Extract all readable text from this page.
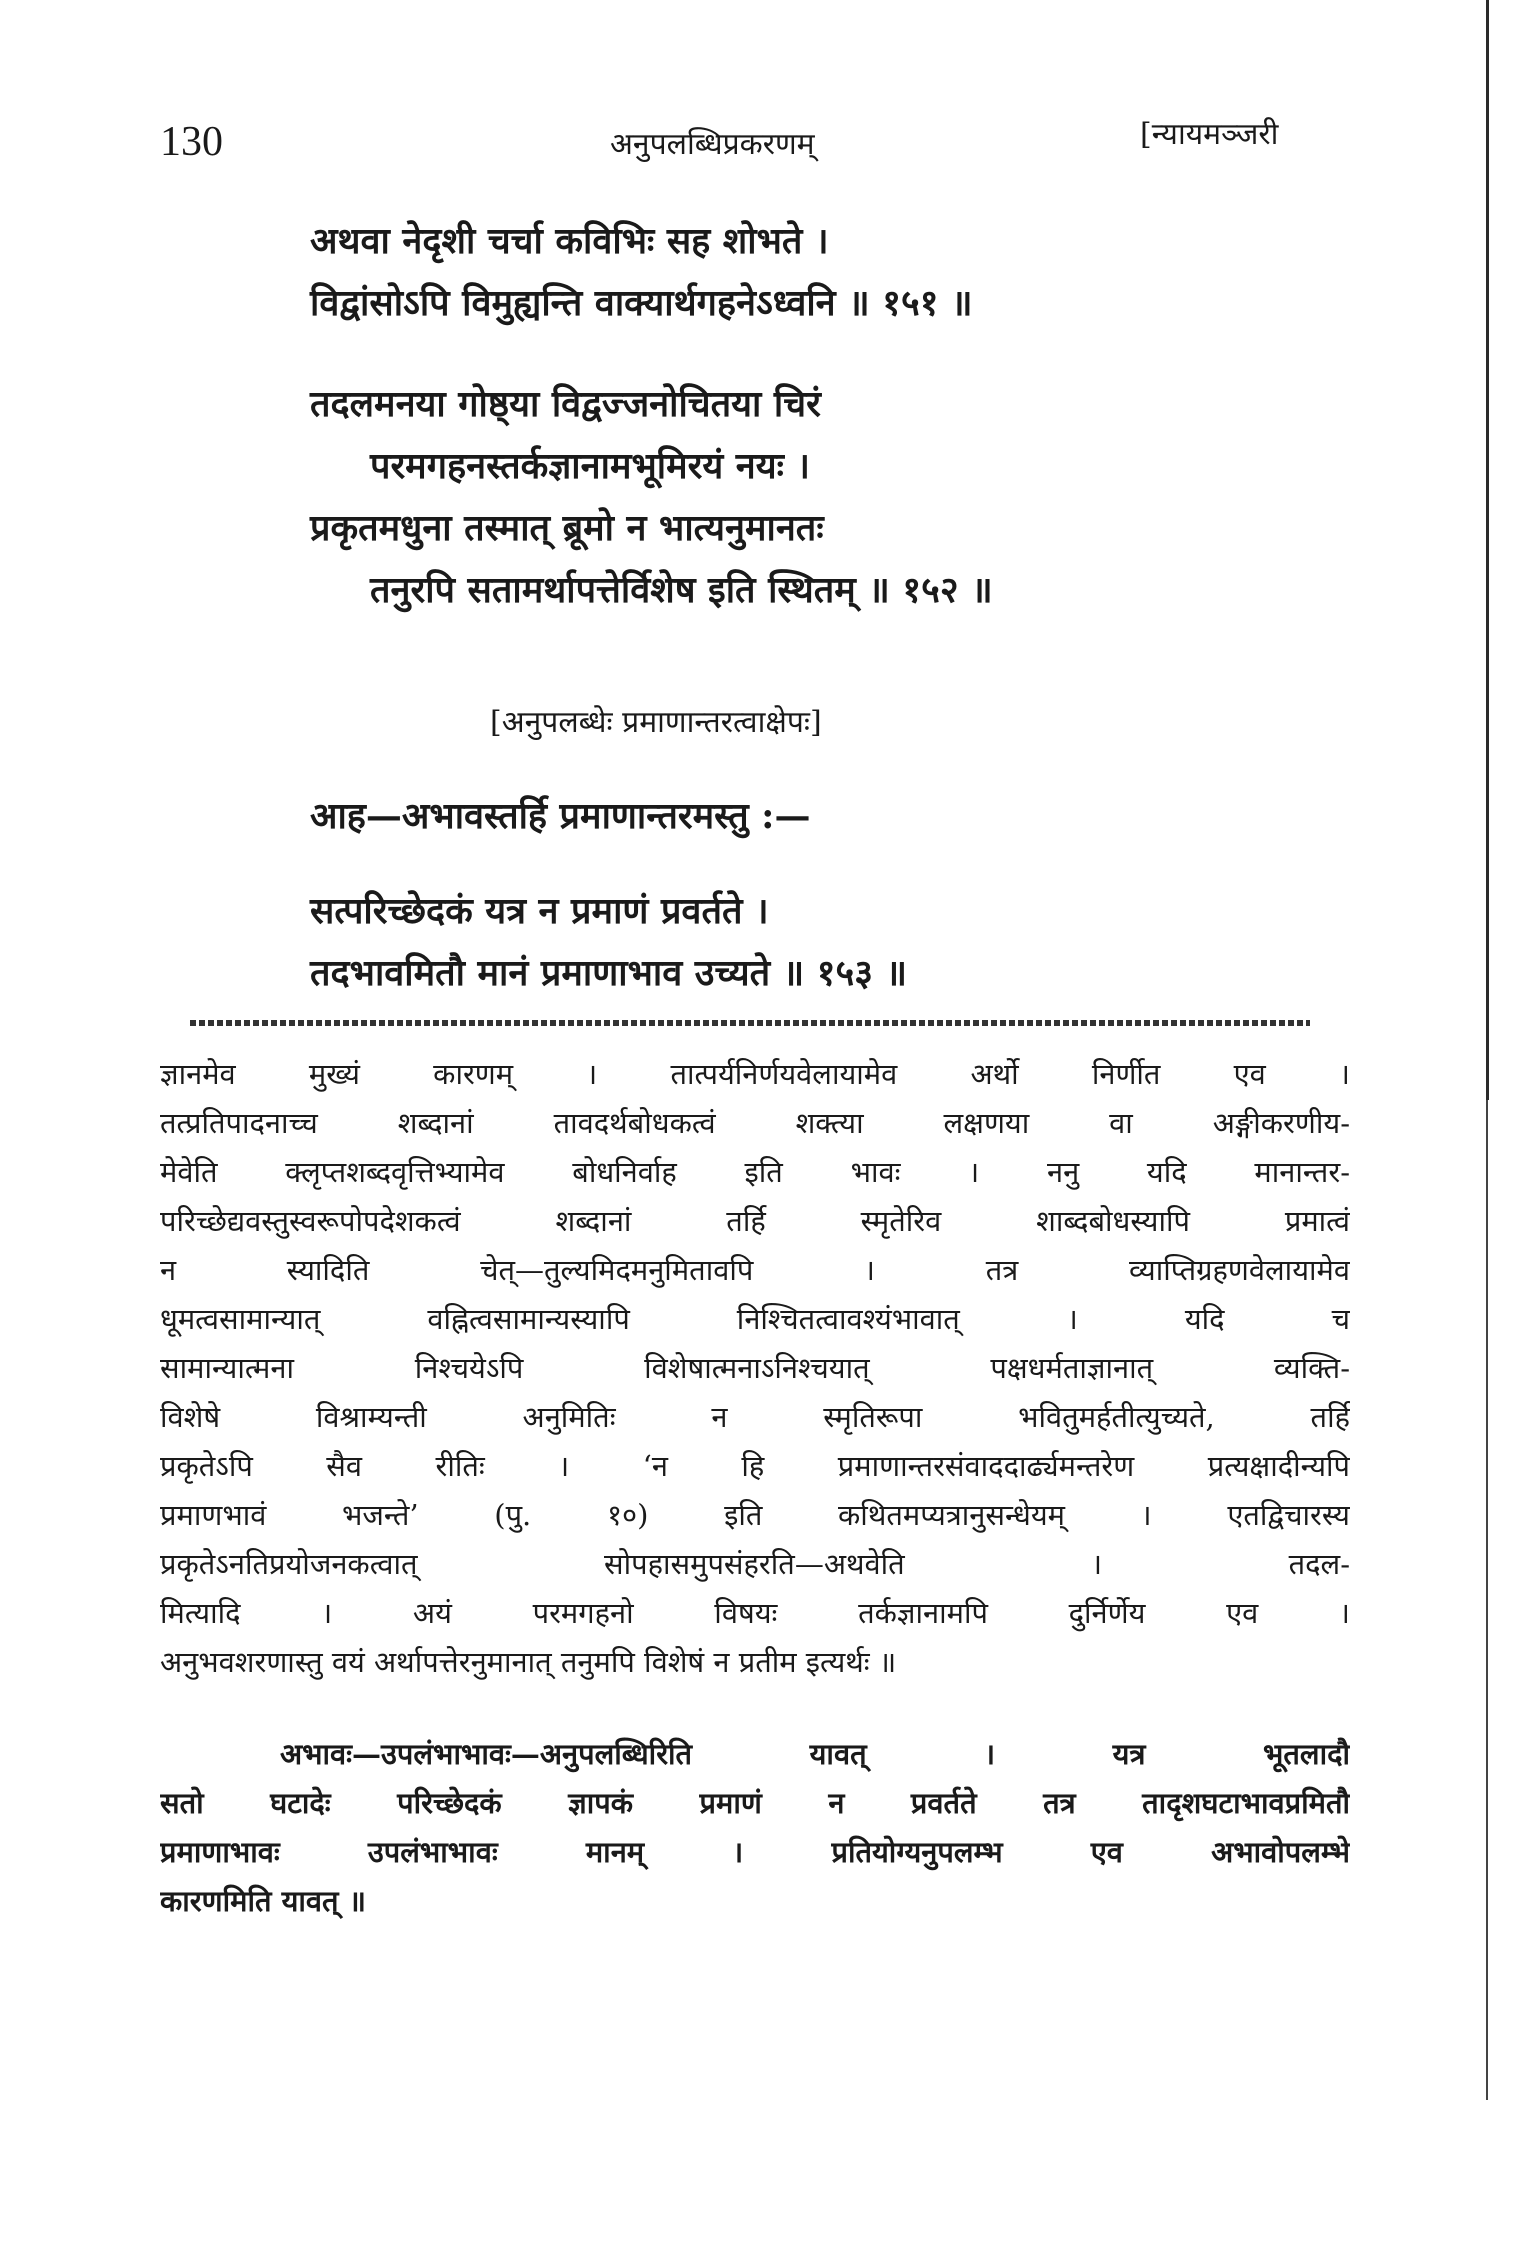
130	अनुपलब्धिप्रकरणम्	[न्यायमञ्जरी
अथवा नेदृशी चर्चा कविभिः सह शोभते ।
विद्वांसोऽपि विमुह्यन्ति वाक्यार्थगहनेऽध्वनि ॥ १५१ ॥
तदलमनया गोष्ठ्या विद्वज्जनोचितया चिरं
परमगहनस्तर्कज्ञानामभूमिरयं नयः ।
प्रकृतमधुना तस्मात् ब्रूमो न भात्यनुमानतः
तनुरपि सतामर्थापत्तेर्विशेष इति स्थितम् ॥ १५२ ॥
[अनुपलब्धेः प्रमाणान्तरत्वाक्षेपः]
आह—अभावस्तर्हि प्रमाणान्तरमस्तु :—
सत्परिच्छेदकं यत्र न प्रमाणं प्रवर्तते ।
तदभावमितौ मानं प्रमाणाभाव उच्यते ॥ १५३ ॥
ज्ञानमेव मुख्यं कारणम् । तात्पर्यनिर्णयवेलायामेव अर्थो निर्णीत एव ।
तत्प्रतिपादनाच्च शब्दानां तावदर्थबोधकत्वं शक्त्या लक्षणया वा अङ्गीकरणीय-
मेवेति क्लृप्तशब्दवृत्तिभ्यामेव बोधनिर्वाह इति भावः । ननु यदि मानान्तर-
परिच्छेद्यवस्तुस्वरूपोपदेशकत्वं शब्दानां तर्हि स्मृतेरिव शाब्दबोधस्यापि प्रमात्वं
न स्यादिति चेत्—तुल्यमिदमनुमितावपि । तत्र व्याप्तिग्रहणवेलायामेव
धूमत्वसामान्यात् वह्नित्वसामान्यस्यापि निश्चितत्वावश्यंभावात् । यदि च
सामान्यात्मना निश्चयेऽपि विशेषात्मनाऽनिश्चयात् पक्षधर्मताज्ञानात् व्यक्ति-
विशेषे विश्राम्यन्ती अनुमितिः न स्मृतिरूपा भवितुमर्हतीत्युच्यते, तर्हि
प्रकृतेऽपि सैव रीतिः । ‘न हि प्रमाणान्तरसंवाददार्ढ्यमन्तरेण प्रत्यक्षादीन्यपि
प्रमाणभावं भजन्ते’ (पु. १०) इति कथितमप्यत्रानुसन्धेयम् । एतद्विचारस्य
प्रकृतेऽनतिप्रयोजनकत्वात् सोपहासमुपसंहरति—अथवेति । तदल-
मित्यादि । अयं परमगहनो विषयः तर्कज्ञानामपि दुर्निर्णेय एव ।
अनुभवशरणास्तु वयं अर्थापत्तेरनुमानात् तनुमपि विशेषं न प्रतीम इत्यर्थः ॥
अभावः—उपलंभाभावः—अनुपलब्धिरिति यावत् । यत्र भूतलादौ
सतो घटादेः परिच्छेदकं ज्ञापकं प्रमाणं न प्रवर्तते तत्र तादृशघटाभावप्रमितौ
प्रमाणाभावः उपलंभाभावः मानम् । प्रतियोग्यनुपलम्भ एव अभावोपलम्भे
कारणमिति यावत् ॥
